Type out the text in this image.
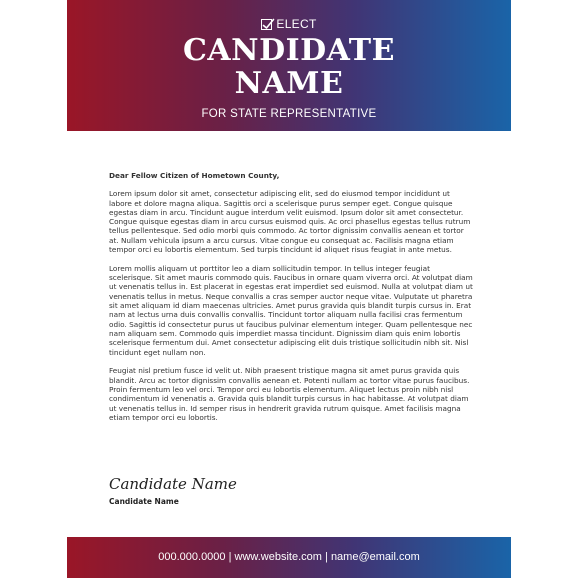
ELECT
CANDIDATE
NAME
FOR STATE REPRESENTATIVE
Dear Fellow Citizen of Hometown County,

Lorem ipsum dolor sit amet, consectetur adipiscing elit, sed do eiusmod tempor incididunt ut labore et dolore magna aliqua. Sagittis orci a scelerisque purus semper eget. Congue quisque egestas diam in arcu. Tincidunt augue interdum velit euismod. Ipsum dolor sit amet consectetur. Congue quisque egestas diam in arcu cursus euismod quis. Ac orci phasellus egestas tellus rutrum tellus pellentesque. Sed odio morbi quis commodo. Ac tortor dignissim convallis aenean et tortor at. Nullam vehicula ipsum a arcu cursus. Vitae congue eu consequat ac. Facilisis magna etiam tempor orci eu lobortis elementum. Sed turpis tincidunt id aliquet risus feugiat in ante metus.

Lorem mollis aliquam ut porttitor leo a diam sollicitudin tempor. In tellus integer feugiat scelerisque. Sit amet mauris commodo quis. Faucibus in ornare quam viverra orci. At volutpat diam ut venenatis tellus in. Est placerat in egestas erat imperdiet sed euismod. Nulla at volutpat diam ut venenatis tellus in metus. Neque convallis a cras semper auctor neque vitae. Vulputate ut pharetra sit amet aliquam id diam maecenas ultricies. Amet purus gravida quis blandit turpis cursus in. Erat nam at lectus urna duis convallis convallis. Tincidunt tortor aliquam nulla facilisi cras fermentum odio. Sagittis id consectetur purus ut faucibus pulvinar elementum integer. Quam pellentesque nec nam aliquam sem. Commodo quis imperdiet massa tincidunt. Dignissim diam quis enim lobortis scelerisque fermentum dui. Amet consectetur adipiscing elit duis tristique sollicitudin nibh sit. Nisl tincidunt eget nullam non.

Feugiat nisl pretium fusce id velit ut. Nibh praesent tristique magna sit amet purus gravida quis blandit. Arcu ac tortor dignissim convallis aenean et. Potenti nullam ac tortor vitae purus faucibus. Proin fermentum leo vel orci. Tempor orci eu lobortis elementum. Aliquet lectus proin nibh nisl condimentum id venenatis a. Gravida quis blandit turpis cursus in hac habitasse. At volutpat diam ut venenatis tellus in. Id semper risus in hendrerit gravida rutrum quisque. Amet facilisis magna etiam tempor orci eu lobortis.

Candidate Name
Candidate Name
000.000.0000 | www.website.com | name@email.com
